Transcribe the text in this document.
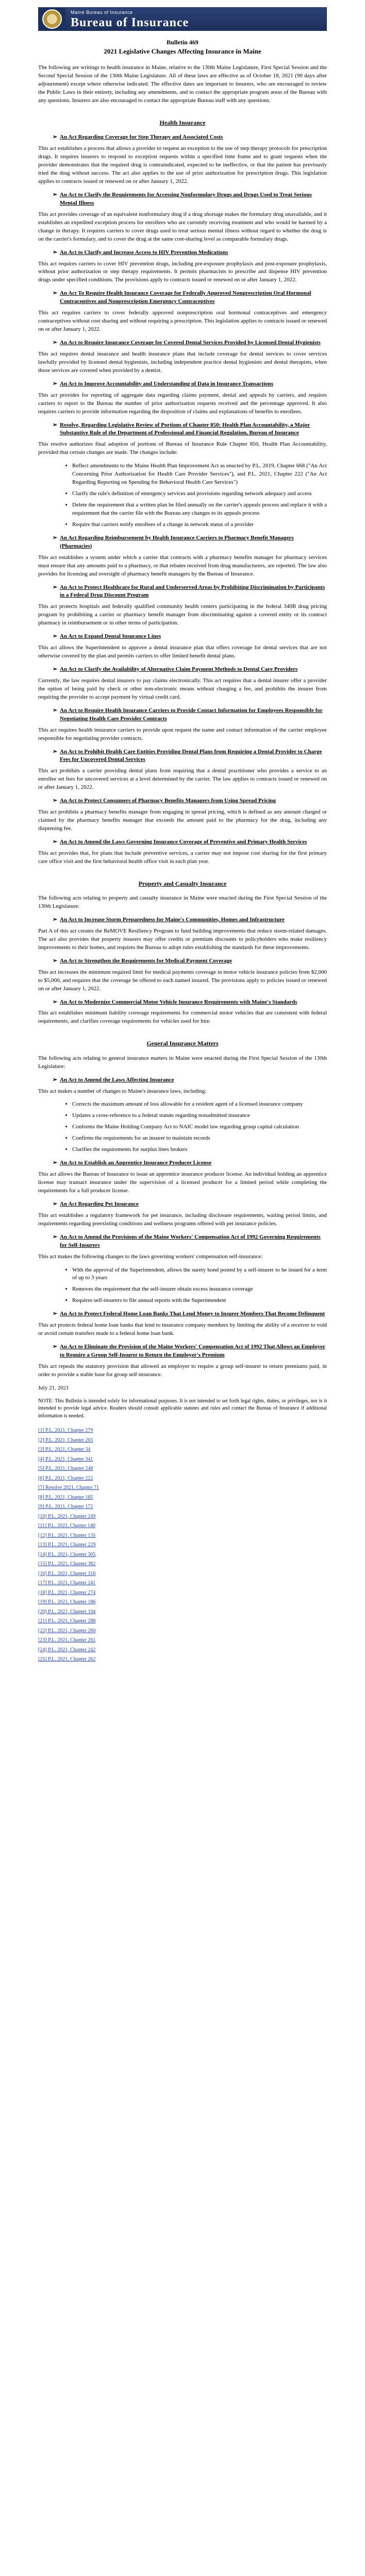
Maine Bureau of Insurance
Bureau of Insurance

Bulletin 469

2021 Legislative Changes Affecting Insurance in Maine

The following are writings to health insurance in Maine, relative to the 130th Maine Legislature, First Special Session and the Second Special Session of the 130th Maine Legislature. All of these laws are effective as of October 18, 2021 (90 days after adjournment) except where otherwise indicated. The effective dates are important to insurers, who are encouraged to review the Public Laws in their entirety, including any amendments, and to contact the appropriate program areas of the Bureau with any questions. Insurers are also encouraged to contact the appropriate Bureau staff with any questions.

Health Insurance
➢ An Act Regarding Coverage for Step Therapy and Associated Costs

This act establishes a process that allows a provider to request an exception to the use of step therapy protocols for prescription drugs. It requires insurers to respond to exception requests within a specified time frame and to grant requests when the provider demonstrates that the required drug is contraindicated, expected to be ineffective, or that the patient has previously tried the drug without success. The act also applies to the use of prior authorization for prescription drugs. This legislation applies to contracts issued or renewed on or after January 1, 2022.

➢ An Act to Clarify the Requirements for Accessing Nonformulary Drugs and Drugs Used to Treat Serious Mental Illness

This act provides coverage of an equivalent nonformulary drug if a drug shortage makes the formulary drug unavailable, and it establishes an expedited exception process for enrollees who are currently receiving treatment and who would be harmed by a change in therapy. It requires carriers to cover drugs used to treat serious mental illness without regard to whether the drug is on the carrier's formulary, and to cover the drug at the same cost-sharing level as comparable formulary drugs.

➢ An Act to Clarify and Increase Access to HIV Prevention Medications

This act requires carriers to cover HIV prevention drugs, including pre-exposure prophylaxis and post-exposure prophylaxis, without prior authorization or step therapy requirements. It permits pharmacists to prescribe and dispense HIV prevention drugs under specified conditions. The provisions apply to contracts issued or renewed on or after January 1, 2022.

➢ An Act To Require Health Insurance Coverage for Federally Approved Nonprescription Oral Hormonal Contraceptives and Nonprescription Emergency Contraceptives

This act requires carriers to cover federally approved nonprescription oral hormonal contraceptives and emergency contraceptives without cost sharing and without requiring a prescription. This legislation applies to contracts issued or renewed on or after January 1, 2022.

➢ An Act to Require Insurance Coverage for Covered Dental Services Provided by Licensed Dental Hygienists

This act requires dental insurance and health insurance plans that include coverage for dental services to cover services lawfully provided by licensed dental hygienists, including independent practice dental hygienists and dental therapists, when those services are covered when provided by a dentist.

➢ An Act to Improve Accountability and Understanding of Data in Insurance Transactions

This act provides for reporting of aggregate data regarding claims payment, denial and appeals by carriers, and requires carriers to report to the Bureau the number of prior authorization requests received and the percentage approved. It also requires carriers to provide information regarding the disposition of claims and explanations of benefits to enrollees.

➢ Resolve, Regarding Legislative Review of Portions of Chapter 850: Health Plan Accountability, a Major Substantive Rule of the Department of Professional and Financial Regulation, Bureau of Insurance

This resolve authorizes final adoption of portions of Bureau of Insurance Rule Chapter 850, Health Plan Accountability, provided that certain changes are made. The changes include:

• Reflect amendments to the Maine Health Plan Improvement Act as enacted by P.L. 2019, Chapter 668 ("An Act Concerning Prior Authorization for Health Care Provider Services"), and P.L. 2021, Chapter 222 ("An Act Regarding Reporting on Spending for Behavioral Health Care Services")
• Clarify the rule's definition of emergency services and provisions regarding network adequacy and access
• Delete the requirement that a written plan be filed annually on the carrier's appeals process and replace it with a requirement that the carrier file with the Bureau any changes to its appeals process
• Require that carriers notify enrollees of a change in network status of a provider
➢ An Act Regarding Reimbursement by Health Insurance Carriers to Pharmacy Benefit Managers (Pharmacies)

This act establishes a system under which a carrier that contracts with a pharmacy benefits manager for pharmacy services must ensure that any amounts paid to a pharmacy, or that rebates received from drug manufacturers, are reported. The law also provides for licensing and oversight of pharmacy benefit managers by the Bureau of Insurance.

➢ An Act to Protect Healthcare for Rural and Underserved Areas by Prohibiting Discrimination by Participants in a Federal Drug Discount Program

This act protects hospitals and federally qualified community health centers participating in the federal 340B drug pricing program by prohibiting a carrier or pharmacy benefit manager from discriminating against a covered entity or its contract pharmacy in reimbursement or in other terms of participation.

➢ An Act to Expand Dental Insurance Lines

This act allows the Superintendent to approve a dental insurance plan that offers coverage for dental services that are not otherwise covered by the plan and permits carriers to offer limited benefit dental plans.

➢ An Act to Clarify the Availability of Alternative Claim Payment Methods to Dental Care Providers

Currently, the law requires dental insurers to pay claims electronically. This act requires that a dental insurer offer a provider the option of being paid by check or other non-electronic means without charging a fee, and prohibits the insurer from requiring the provider to accept payment by virtual credit card.

➢ An Act to Require Health Insurance Carriers to Provide Contact Information for Employees Responsible for Negotiating Health Care Provider Contracts

This act requires health insurance carriers to provide upon request the name and contact information of the carrier employee responsible for negotiating provider contracts.

➢ An Act to Prohibit Health Care Entities Providing Dental Plans from Requiring a Dental Provider to Charge Fees for Uncovered Dental Services

This act prohibits a carrier providing dental plans from requiring that a dental practitioner who provides a service to an enrollee set fees for uncovered services at a level determined by the carrier. The law applies to contracts issued or renewed on or after January 1, 2022.

➢ An Act to Protect Consumers of Pharmacy Benefits Managers from Using Spread Pricing

This act prohibits a pharmacy benefits manager from engaging in spread pricing, which is defined as any amount charged or claimed by the pharmacy benefits manager that exceeds the amount paid to the pharmacy for the drug, including any dispensing fee.

➢ An Act to Amend the Laws Governing Insurance Coverage of Preventive and Primary Health Services

This act provides that, for plans that include preventive services, a carrier may not impose cost sharing for the first primary care office visit and the first behavioral health office visit in each plan year.

Property and Casualty Insurance

The following acts relating to property and casualty insurance in Maine were enacted during the First Special Session of the 130th Legislature:

➢ An Act to Increase Storm Preparedness for Maine's Communities, Homes and Infrastructure

Part A of this act creates the ReMOVE Resiliency Program to fund building improvements that reduce storm-related damages. The act also provides that property insurers may offer credits or premium discounts to policyholders who make resiliency improvements to their homes, and requires the Bureau to adopt rules establishing the standards for these improvements.

➢ An Act to Strengthen the Requirements for Medical Payment Coverage

This act increases the minimum required limit for medical payments coverage in motor vehicle insurance policies from $2,000 to $5,000, and requires that the coverage be offered to each named insured. The provisions apply to policies issued or renewed on or after January 1, 2022.

➢ An Act to Modernize Commercial Motor Vehicle Insurance Requirements with Maine's Standards

This act establishes minimum liability coverage requirements for commercial motor vehicles that are consistent with federal requirements, and clarifies coverage requirements for vehicles used for hire.

General Insurance Matters

The following acts relating to general insurance matters in Maine were enacted during the First Special Session of the 130th Legislature:

➢ An Act to Amend the Laws Affecting Insurance

This act makes a number of changes to Maine's insurance laws, including:

• Corrects the maximum amount of loss allowable for a resident agent of a licensed insurance company
• Updates a cross-reference to a federal statute regarding nonadmitted insurance
• Conforms the Maine Holding Company Act to NAIC model law regarding group capital calculation
• Confirms the requirements for an insurer to maintain records
• Clarifies the requirements for surplus lines brokers
➢ An Act to Establish an Apprentice Insurance Producer License

This act allows the Bureau of Insurance to issue an apprentice insurance producer license. An individual holding an apprentice license may transact insurance under the supervision of a licensed producer for a limited period while completing the requirements for a full producer license.

➢ An Act Regarding Pet Insurance

This act establishes a regulatory framework for pet insurance, including disclosure requirements, waiting period limits, and requirements regarding preexisting conditions and wellness programs offered with pet insurance policies.

➢ An Act to Amend the Provisions of the Maine Workers' Compensation Act of 1992 Governing Requirements for Self-Insurers

This act makes the following changes to the laws governing workers' compensation self-insurance:

• With the approval of the Superintendent, allows the surety bond posted by a self-insurer to be issued for a term of up to 3 years
• Removes the requirement that the self-insurer obtain excess insurance coverage
• Requires self-insurers to file annual reports with the Superintendent
➢ An Act to Protect Federal Home Loan Banks That Lend Money to Insurer Members That Become Delinquent

This act protects federal home loan banks that lend to insurance company members by limiting the ability of a receiver to void or avoid certain transfers made to a federal home loan bank.

➢ An Act to Eliminate the Provision of the Maine Workers' Compensation Act of 1992 That Allows an Employer to Require a Group Self-Insurer to Return the Employer's Premium

This act repeals the statutory provision that allowed an employer to require a group self-insurer to return premiums paid, in order to provide a stable base for group self-insurance.

July 21, 2021

NOTE: This Bulletin is intended solely for informational purposes. It is not intended to set forth legal rights, duties, or privileges, nor is it intended to provide legal advice. Readers should consult applicable statutes and rules and contact the Bureau of Insurance if additional information is needed.

[1] P.L. 2021, Chapter 279
[2] P.L. 2021, Chapter 265
[3] P.L. 2021, Chapter 34
[4] P.L. 2021, Chapter 341
[5] P.L. 2021, Chapter 248
[6] P.L. 2021, Chapter 222
[7] Resolve 2021, Chapter 71
[8] P.L. 2021, Chapter 185
[9] P.L. 2021, Chapter 172
[10] P.L. 2021, Chapter 249
[11] P.L. 2021, Chapter 140
[12] P.L. 2021, Chapter 135
[13] P.L. 2021, Chapter 229
[14] P.L. 2021, Chapter 305
[15] P.L. 2021, Chapter 382
[16] P.L. 2021, Chapter 316
[17] P.L. 2021, Chapter 241
[18] P.L. 2021, Chapter 274
[19] P.L. 2021, Chapter 186
[20] P.L. 2021, Chapter 104
[21] P.L. 2021, Chapter 288
[22] P.L. 2021, Chapter 260
[23] P.L. 2021, Chapter 261
[24] P.L. 2021, Chapter 242
[25] P.L. 2021, Chapter 262
